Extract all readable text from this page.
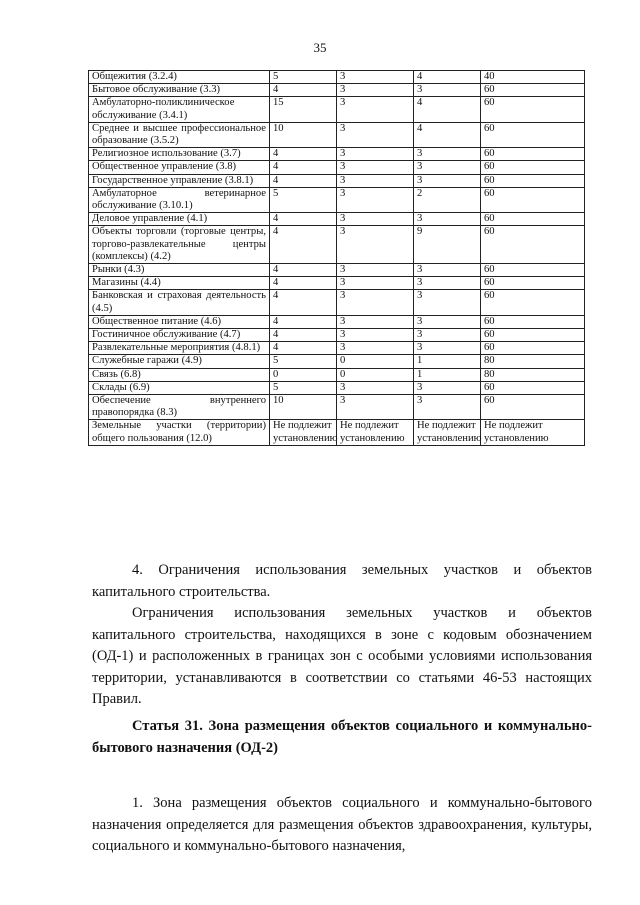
35
Общежития (3.2.4)	5	3	4	40
Бытовое обслуживание (3.3)	4	3	3	60
Амбулаторно-поликлиническое обслуживание (3.4.1)	15	3	4	60
Среднее и высшее профессиональное образование (3.5.2)	10	3	4	60
Религиозное использование (3.7)	4	3	3	60
Общественное управление (3.8)	4	3	3	60
Государственное управление (3.8.1)	4	3	3	60
Амбулаторное ветеринарное обслуживание (3.10.1)	5	3	2	60
Деловое управление (4.1)	4	3	3	60
Объекты торговли (торговые центры, торгово-развлекательные центры (комплексы) (4.2)	4	3	9	60
Рынки (4.3)	4	3	3	60
Магазины (4.4)	4	3	3	60
Банковская и страховая деятельность (4.5)	4	3	3	60
Общественное питание (4.6)	4	3	3	60
Гостиничное обслуживание (4.7)	4	3	3	60
Развлекательные мероприятия (4.8.1)	4	3	3	60
Служебные гаражи (4.9)	5	0	1	80
Связь (6.8)	0	0	1	80
Склады (6.9)	5	3	3	60
Обеспечение внутреннего правопорядка (8.3)	10	3	3	60
Земельные участки (территории) общего пользования (12.0)	Не подлежит установлению	Не подлежит установлению	Не подлежит установлению	Не подлежит установлению

4. Ограничения использования земельных участков и объектов капитального строительства.

Ограничения использования земельных участков и объектов капитального строительства, находящихся в зоне с кодовым обозначением (ОД-1) и расположенных в границах зон с особыми условиями использования территории, устанавливаются в соответствии со статьями 46-53 настоящих Правил.

Статья 31. Зона размещения объектов социального и коммунально-бытового назначения (ОД-2)

1. Зона размещения объектов социального и коммунально-бытового назначения определяется для размещения объектов здравоохранения, культуры, социального и коммунально-бытового назначения,
